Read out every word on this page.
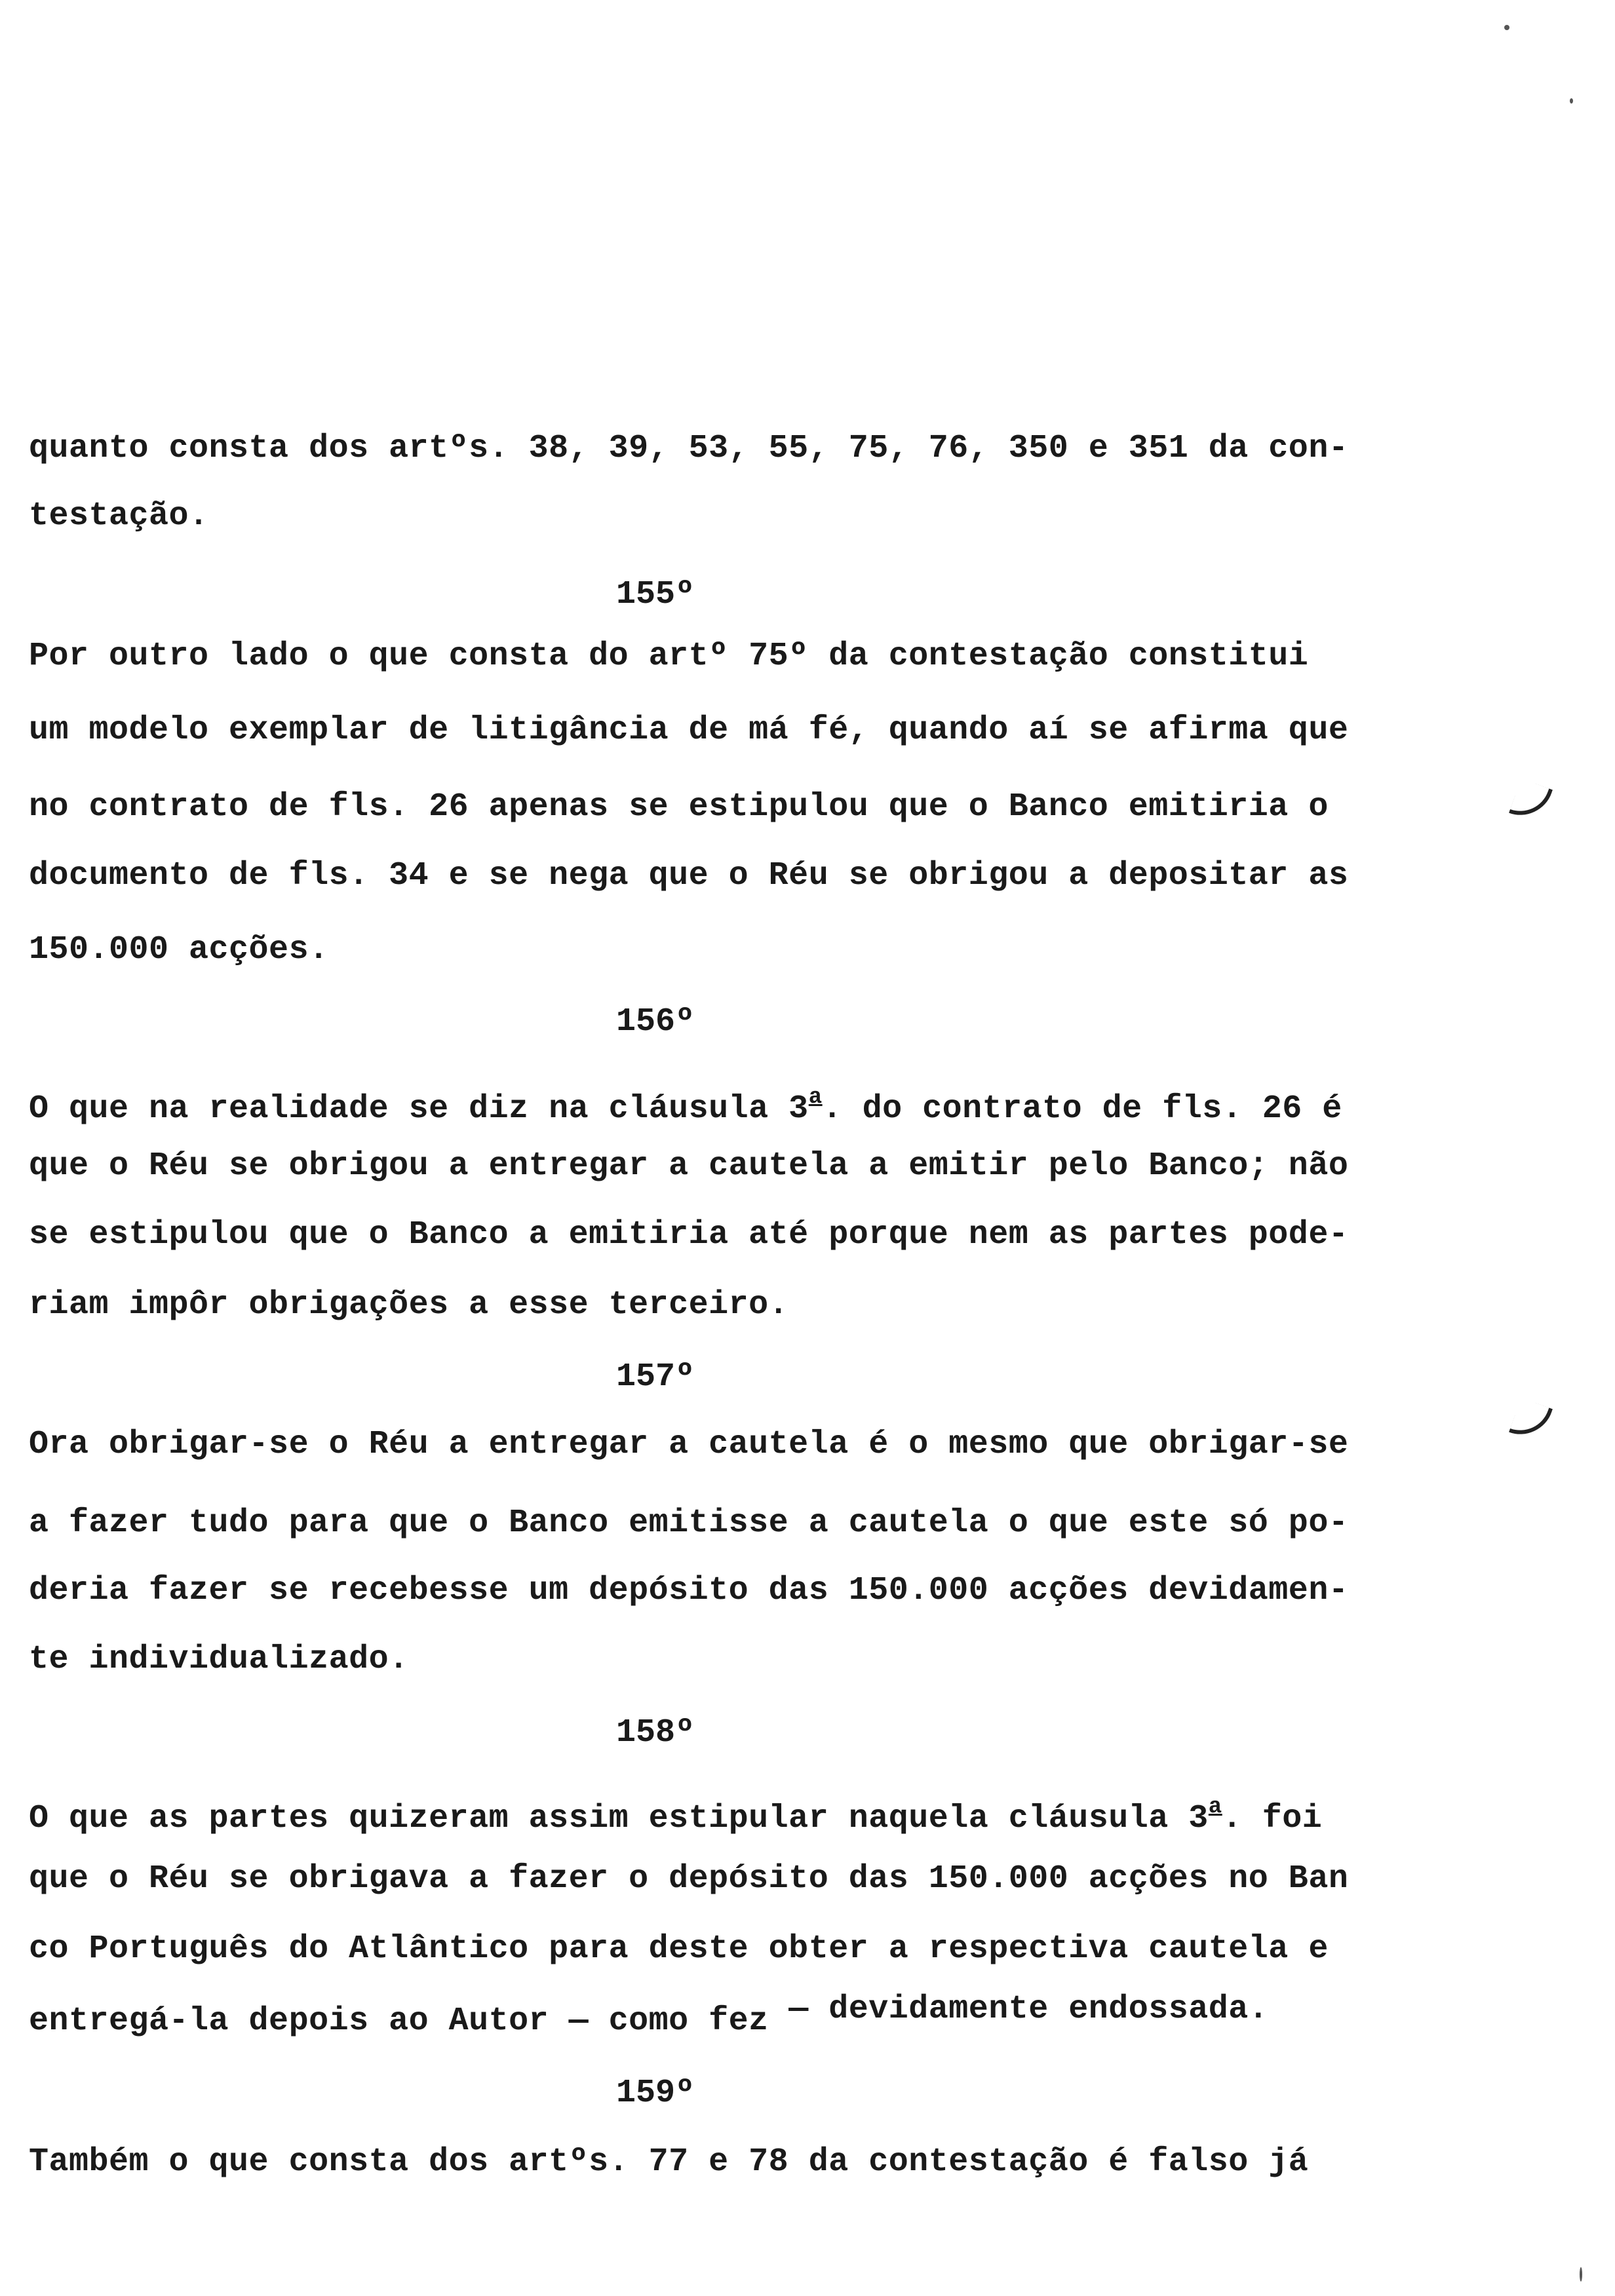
quanto consta dos artºs. 38, 39, 53, 55, 75, 76, 350 e 351 da con-
testação.
155º
Por outro lado o que consta do artº 75º da contestação constitui
um modelo exemplar de litigância de má fé, quando aí se afirma que
no contrato de fls. 26 apenas se estipulou que o Banco emitiria o
documento de fls. 34 e se nega que o Réu se obrigou a depositar as
150.000 acções.
156º
O que na realidade se diz na cláusula 3$^a$. do contrato de fls. 26 é
que o Réu se obrigou a entregar a cautela a emitir pelo Banco; não
se estipulou que o Banco a emitiria até porque nem as partes pode-
riam impôr obrigações a esse terceiro.
157º
Ora obrigar-se o Réu a entregar a cautela é o mesmo que obrigar-se
a fazer tudo para que o Banco emitisse a cautela o que este só po-
deria fazer se recebesse um depósito das 150.000 acções devidamen-
te individualizado.
158º
O que as partes quizeram assim estipular naquela cláusula 3$^a$. foi
que o Réu se obrigava a fazer o depósito das 150.000 acções no Ban
co Português do Atlântico para deste obter a respectiva cautela e
entregá-la depois ao Autor — como fez — devidamente endossada.
159º
Também o que consta dos artºs. 77 e 78 da contestação é falso já
